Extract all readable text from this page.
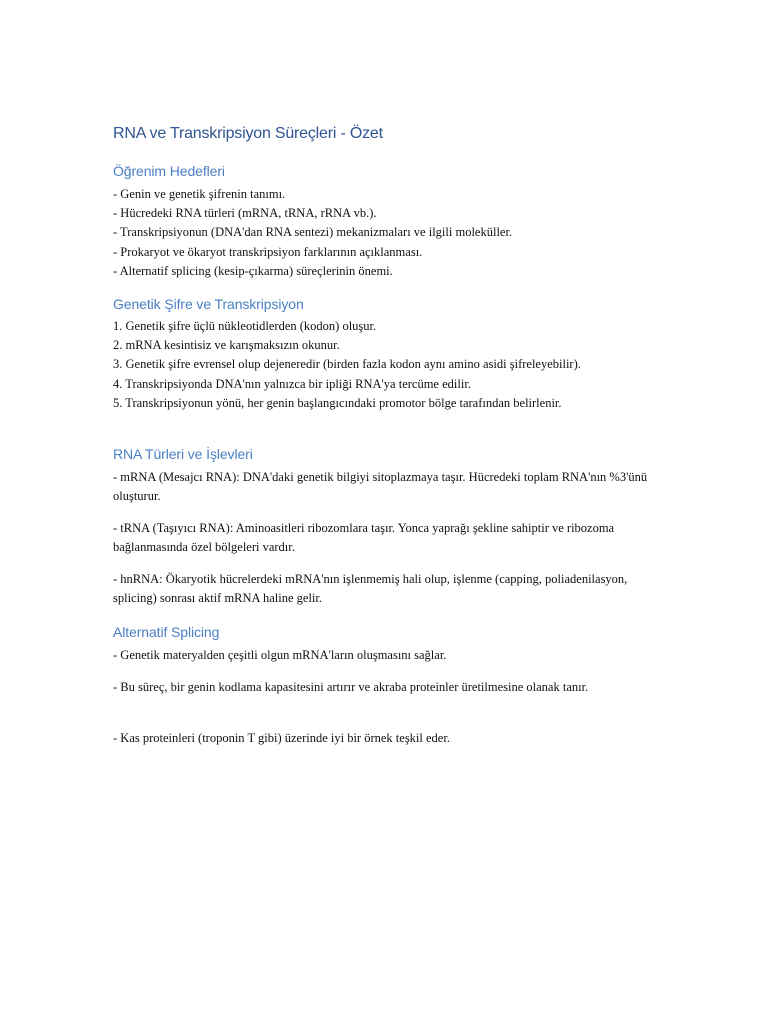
RNA ve Transkripsiyon Süreçleri - Özet
Öğrenim Hedefleri

- Genin ve genetik şifrenin tanımı.

- Hücredeki RNA türleri (mRNA, tRNA, rRNA vb.).

- Transkripsiyonun (DNA'dan RNA sentezi) mekanizmaları ve ilgili moleküller.

- Prokaryot ve ökaryot transkripsiyon farklarının açıklanması.

- Alternatif splicing (kesip-çıkarma) süreçlerinin önemi.

Genetik Şifre ve Transkripsiyon

1. Genetik şifre üçlü nükleotidlerden (kodon) oluşur.

2. mRNA kesintisiz ve karışmaksızın okunur.

3. Genetik şifre evrensel olup dejeneredir (birden fazla kodon aynı amino asidi şifreleyebilir).

4. Transkripsiyonda DNA'nın yalnızca bir ipliği RNA'ya tercüme edilir.

5. Transkripsiyonun yönü, her genin başlangıcındaki promotor bölge tarafından belirlenir.

RNA Türleri ve İşlevleri

- mRNA (Mesajcı RNA): DNA'daki genetik bilgiyi sitoplazmaya taşır. Hücredeki toplam RNA'nın %3'ünü oluşturur.

- tRNA (Taşıyıcı RNA): Aminoasitleri ribozomlara taşır. Yonca yaprağı şekline sahiptir ve ribozoma bağlanmasında özel bölgeleri vardır.

- hnRNA: Ökaryotik hücrelerdeki mRNA'nın işlenmemiş hali olup, işlenme (capping, poliadenilasyon, splicing) sonrası aktif mRNA haline gelir.

Alternatif Splicing

- Genetik materyalden çeşitli olgun mRNA'ların oluşmasını sağlar.

- Bu süreç, bir genin kodlama kapasitesini artırır ve akraba proteinler üretilmesine olanak tanır.

- Kas proteinleri (troponin T gibi) üzerinde iyi bir örnek teşkil eder.
